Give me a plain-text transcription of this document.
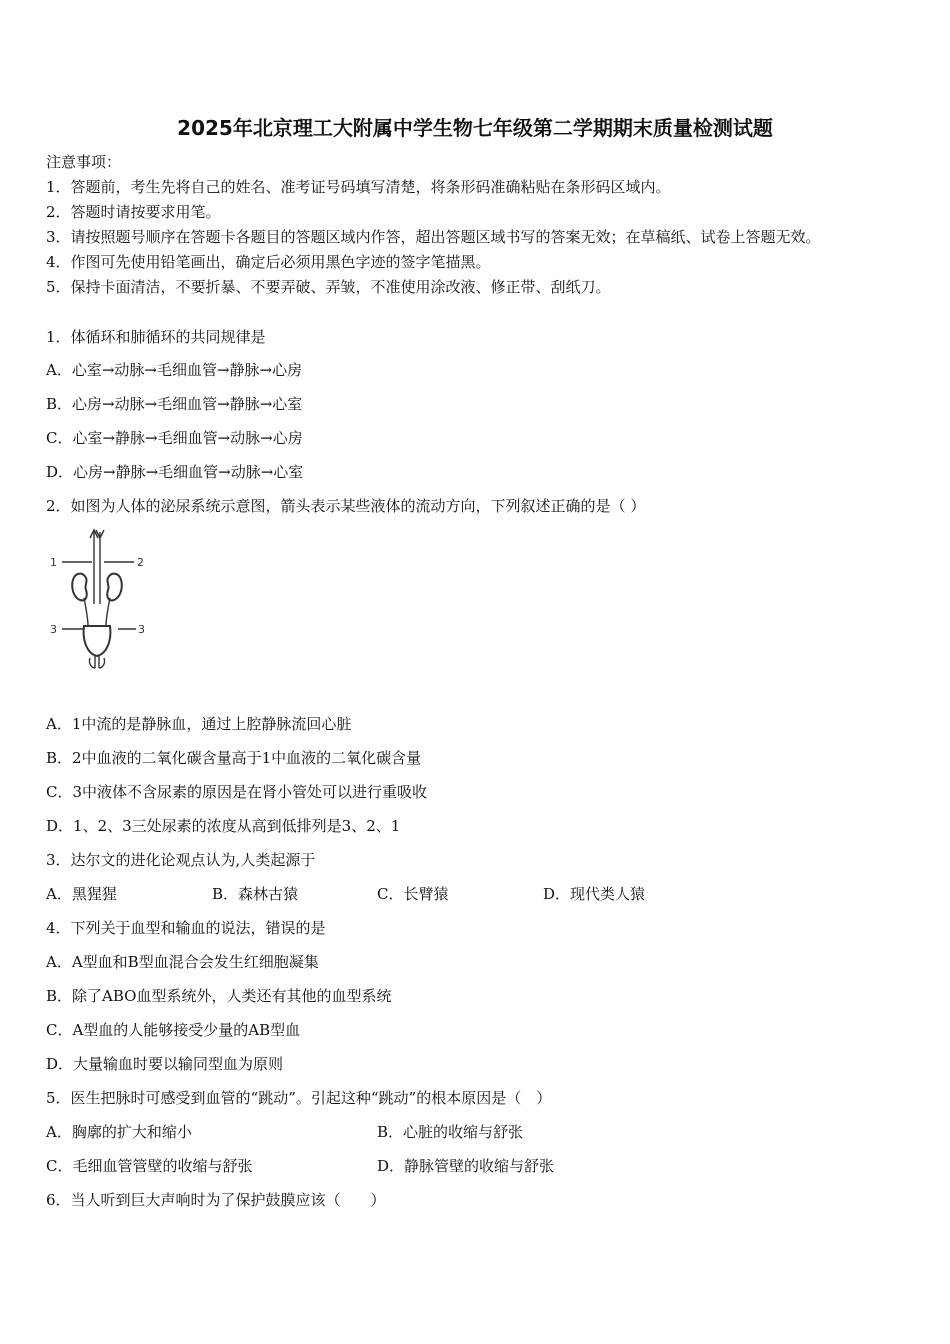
2025年北京理工大附属中学生物七年级第二学期期末质量检测试题
注意事项：
1．答题前，考生先将自己的姓名、准考证号码填写清楚，将条形码准确粘贴在条形码区域内。
2．答题时请按要求用笔。
3．请按照题号顺序在答题卡各题目的答题区域内作答，超出答题区域书写的答案无效；在草稿纸、试卷上答题无效。
4．作图可先使用铅笔画出，确定后必须用黑色字迹的签字笔描黑。
5．保持卡面清洁，不要折暴、不要弄破、弄皱，不准使用涂改液、修正带、刮纸刀。
1．体循环和肺循环的共同规律是
A．心室→动脉→毛细血管→静脉→心房
B．心房→动脉→毛细血管→静脉→心室
C．心室→静脉→毛细血管→动脉→心房
D．心房→静脉→毛细血管→动脉→心室
2．如图为人体的泌尿系统示意图，箭头表示某些液体的流动方向，下列叙述正确的是（ ）
1	2
3	3
A．1中流的是静脉血，通过上腔静脉流回心脏
B．2中血液的二氧化碳含量高于1中血液的二氧化碳含量
C．3中液体不含尿素的原因是在肾小管处可以进行重吸收
D．1、2、3三处尿素的浓度从高到低排列是3、2、1
3．达尔文的进化论观点认为,人类起源于
A．黑猩猩	B．森林古猿	C．长臂猿	D．现代类人猿
4．下列关于血型和输血的说法，错误的是
A．A型血和B型血混合会发生红细胞凝集
B．除了ABO血型系统外，人类还有其他的血型系统
C．A型血的人能够接受少量的AB型血
D．大量输血时要以输同型血为原则
5．医生把脉时可感受到血管的“跳动”。引起这种“跳动”的根本原因是（　）
A．胸廓的扩大和缩小	B．心脏的收缩与舒张
C．毛细血管管壁的收缩与舒张	D．静脉管壁的收缩与舒张
6．当人听到巨大声响时为了保护鼓膜应该（　　）
